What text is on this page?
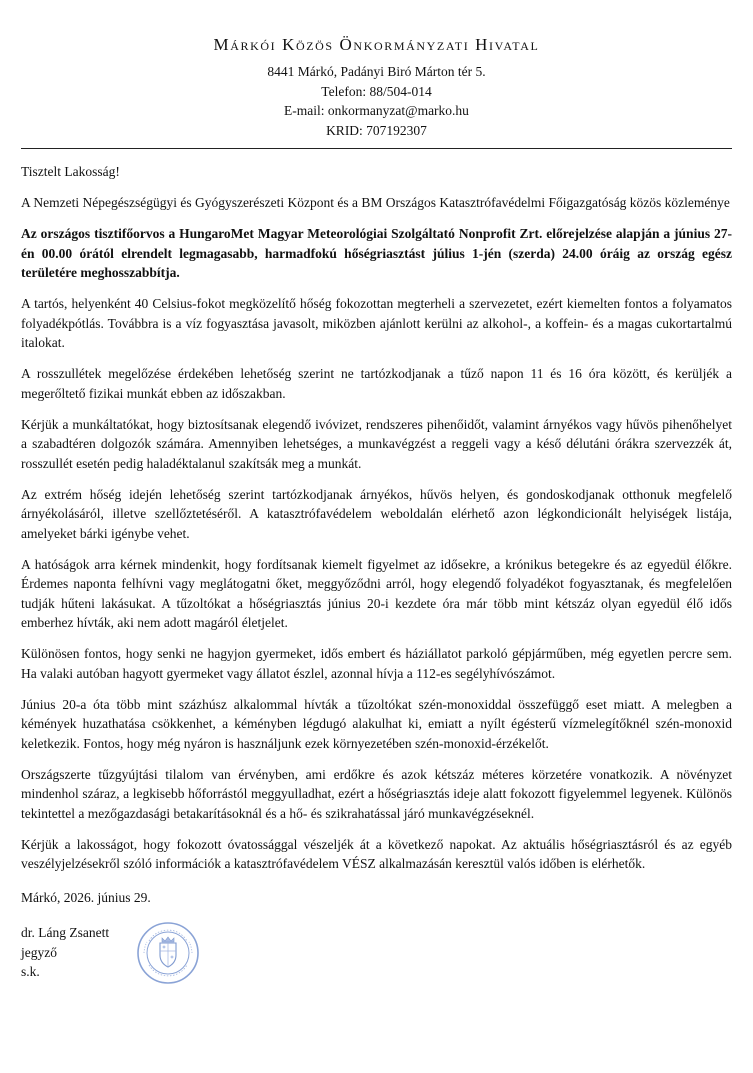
Márkói Közös Önkormányzati Hivatal
8441 Márkó, Padányi Biró Márton tér 5.
Telefon: 88/504-014
E-mail: onkormanyzat@marko.hu
KRID: 707192307

Tisztelt Lakosság!

A Nemzeti Népegészségügyi és Gyógyszerészeti Központ és a BM Országos Katasztrófavédelmi Főigazgatóság közös közleménye

Az országos tisztifőorvos a HungaroMet Magyar Meteorológiai Szolgáltató Nonprofit Zrt. előrejelzése alapján a június 27-én 00.00 órától elrendelt legmagasabb, harmadfokú hőségriasztást július 1-jén (szerda) 24.00 óráig az ország egész területére meghosszabbítja.

A tartós, helyenként 40 Celsius-fokot megközelítő hőség fokozottan megterheli a szervezetet, ezért kiemelten fontos a folyamatos folyadékpótlás. Továbbra is a víz fogyasztása javasolt, miközben ajánlott kerülni az alkohol-, a koffein- és a magas cukortartalmú italokat.

A rosszullétek megelőzése érdekében lehetőség szerint ne tartózkodjanak a tűző napon 11 és 16 óra között, és kerüljék a megerőltető fizikai munkát ebben az időszakban.

Kérjük a munkáltatókat, hogy biztosítsanak elegendő ivóvizet, rendszeres pihenőidőt, valamint árnyékos vagy hűvös pihenőhelyet a szabadtéren dolgozók számára. Amennyiben lehetséges, a munkavégzést a reggeli vagy a késő délutáni órákra szervezzék át, rosszullét esetén pedig haladéktalanul szakítsák meg a munkát.

Az extrém hőség idején lehetőség szerint tartózkodjanak árnyékos, hűvös helyen, és gondoskodjanak otthonuk megfelelő árnyékolásáról, illetve szellőztetéséről. A katasztrófavédelem weboldalán elérhető azon légkondicionált helyiségek listája, amelyeket bárki igénybe vehet.

A hatóságok arra kérnek mindenkit, hogy fordítsanak kiemelt figyelmet az idősekre, a krónikus betegekre és az egyedül élőkre. Érdemes naponta felhívni vagy meglátogatni őket, meggyőződni arról, hogy elegendő folyadékot fogyasztanak, és megfelelően tudják hűteni lakásukat. A tűzoltókat a hőségriasztás június 20-i kezdete óra már több mint kétszáz olyan egyedül élő idős emberhez hívták, aki nem adott magáról életjelet.

Különösen fontos, hogy senki ne hagyjon gyermeket, idős embert és háziállatot parkoló gépjárműben, még egyetlen percre sem. Ha valaki autóban hagyott gyermeket vagy állatot észlel, azonnal hívja a 112-es segélyhívószámot.

Június 20-a óta több mint százhúsz alkalommal hívták a tűzoltókat szén-monoxiddal összefüggő eset miatt. A melegben a kémények huzathatása csökkenhet, a kéményben légdugó alakulhat ki, emiatt a nyílt égésterű vízmelegítőknél szén-monoxid keletkezik. Fontos, hogy még nyáron is használjunk ezek környezetében szén-monoxid-érzékelőt.

Országszerte tűzgyújtási tilalom van érvényben, ami erdőkre és azok kétszáz méteres körzetére vonatkozik. A növényzet mindenhol száraz, a legkisebb hőforrástól meggyulladhat, ezért a hőségriasztás ideje alatt fokozott figyelemmel legyenek. Különös tekintettel a mezőgazdasági betakarításoknál és a hő- és szikrahatással járó munkavégzéseknél.

Kérjük a lakosságot, hogy fokozott óvatossággal vészeljék át a következő napokat. Az aktuális hőségriasztásról és az egyéb veszélyjelzésekről szóló információk a katasztrófavédelem VÉSZ alkalmazásán keresztül valós időben is elérhetők.

Márkó, 2026. június 29.

dr. Láng Zsanett
jegyző
s.k.
